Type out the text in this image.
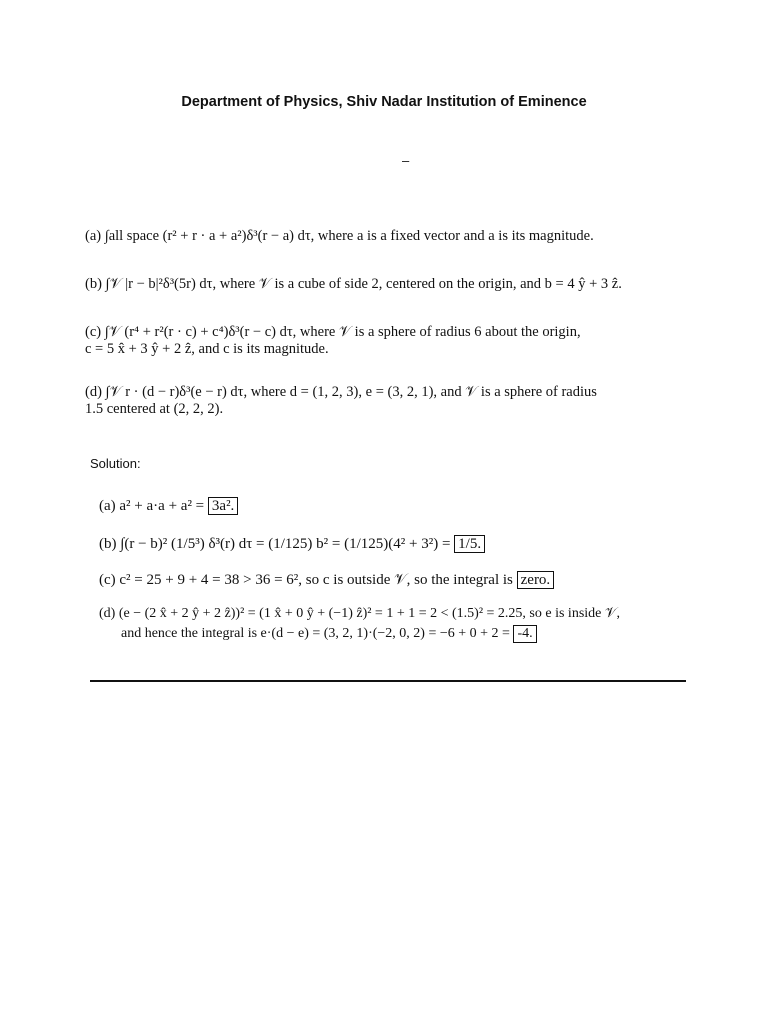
Department of Physics, Shiv Nadar Institution of Eminence
–
(a) ∫all space (r² + r · a + a²)δ³(r − a) dτ, where a is a fixed vector and a is its magnitude.
(b) ∫𝒱 |r − b|²δ³(5r) dτ, where 𝒱 is a cube of side 2, centered on the origin, and b = 4 ŷ + 3 ẑ.
(c) ∫𝒱 (r⁴ + r²(r · c) + c⁴)δ³(r − c) dτ, where 𝒱 is a sphere of radius 6 about the origin,
c = 5 x̂ + 3 ŷ + 2 ẑ, and c is its magnitude.
(d) ∫𝒱 r · (d − r)δ³(e − r) dτ, where d = (1, 2, 3), e = (3, 2, 1), and 𝒱 is a sphere of radius
1.5 centered at (2, 2, 2).
Solution:
(a) a² + a·a + a² = 3a².
(b) ∫(r − b)² (1/5³) δ³(r) dτ = (1/125) b² = (1/125)(4² + 3²) = 1/5.
(c) c² = 25 + 9 + 4 = 38 > 36 = 6², so c is outside 𝒱, so the integral is zero.
(d) (e − (2 x̂ + 2 ŷ + 2 ẑ))² = (1 x̂ + 0 ŷ + (−1) ẑ)² = 1 + 1 = 2 < (1.5)² = 2.25, so e is inside 𝒱,
and hence the integral is e·(d − e) = (3, 2, 1)·(−2, 0, 2) = −6 + 0 + 2 = -4.
